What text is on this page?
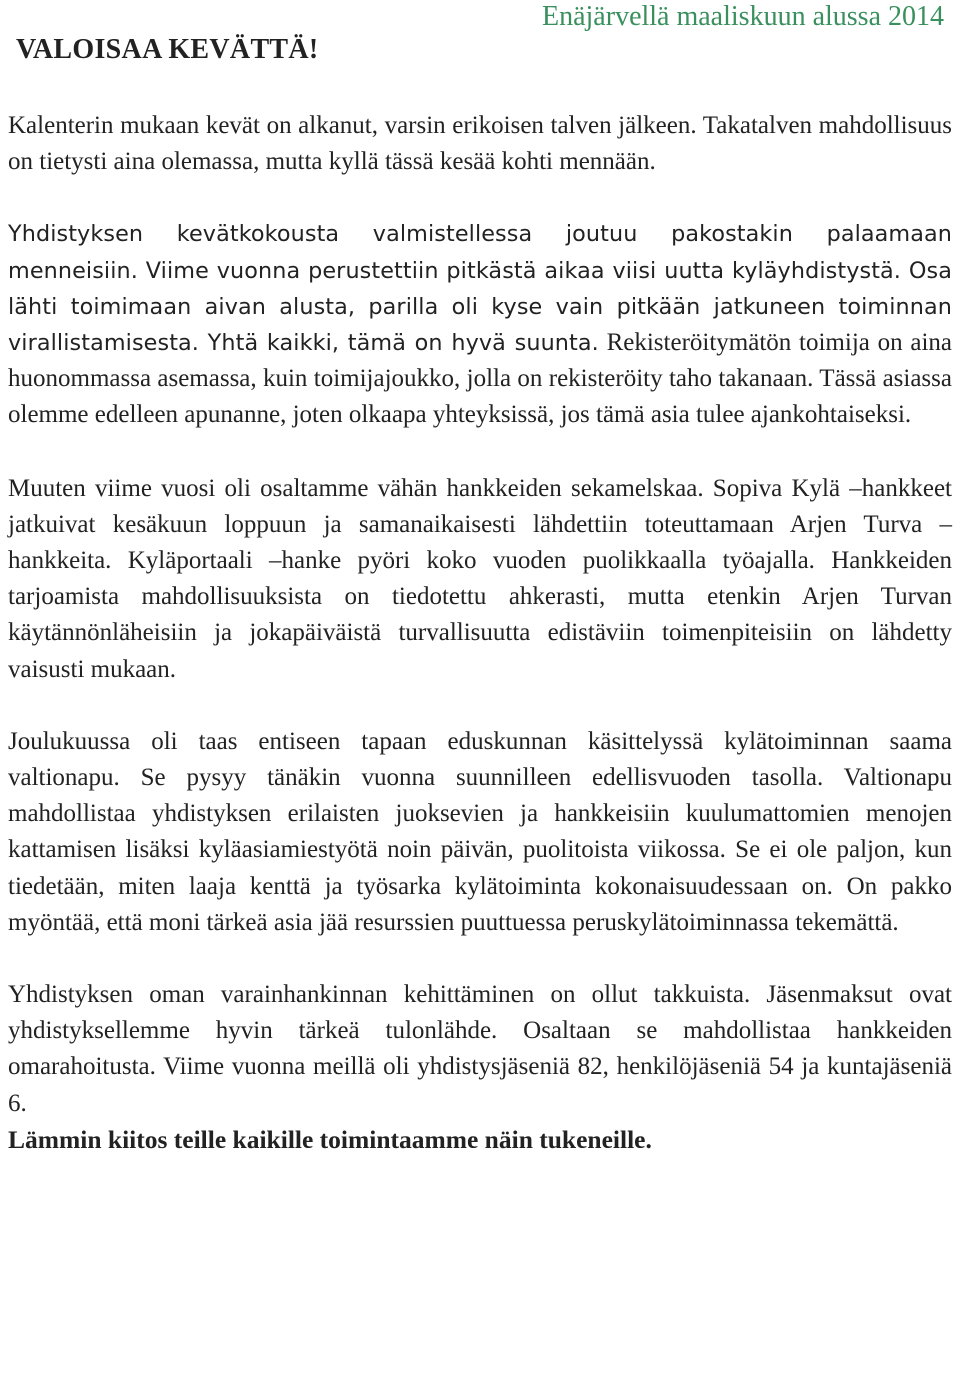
VALOISAA KEVÄTTÄ!
Enäjärvellä maaliskuun alussa 2014

Kalenterin mukaan kevät on alkanut, varsin erikoisen talven jälkeen. Takatalven mahdollisuus on tietysti aina olemassa, mutta kyllä tässä kesää kohti mennään.

Yhdistyksen kevätkokousta valmistellessa joutuu pakostakin palaamaan menneisiin. Viime vuonna perustettiin pitkästä aikaa viisi uutta kyläyhdistystä. Osa lähti toimimaan aivan alusta, parilla oli kyse vain pitkään jatkuneen toiminnan virallistamisesta. Yhtä kaikki, tämä on hyvä suunta. Rekisteröitymätön toimija on aina huonommassa asemassa, kuin toimijajoukko, jolla on rekisteröity taho takanaan. Tässä asiassa olemme edelleen apunanne, joten olkaapa yhteyksissä, jos tämä asia tulee ajankohtaiseksi.

Muuten viime vuosi oli osaltamme vähän hankkeiden sekamelskaa. Sopiva Kylä –hankkeet jatkuivat kesäkuun loppuun ja samanaikaisesti lähdettiin toteuttamaan Arjen Turva –hankkeita. Kyläportaali –hanke pyöri koko vuoden puolikkaalla työajalla. Hankkeiden tarjoamista mahdollisuuksista on tiedotettu ahkerasti, mutta etenkin Arjen Turvan käytännönläheisiin ja jokapäiväistä turvallisuutta edistäviin toimenpiteisiin on lähdetty vaisusti mukaan.

Joulukuussa oli taas entiseen tapaan eduskunnan käsittelyssä kylätoiminnan saama valtionapu. Se pysyy tänäkin vuonna suunnilleen edellisvuoden tasolla. Valtionapu mahdollistaa yhdistyksen erilaisten juoksevien ja hankkeisiin kuulumattomien menojen kattamisen lisäksi kyläasiamiestyötä noin päivän, puolitoista viikossa. Se ei ole paljon, kun tiedetään, miten laaja kenttä ja työsarka kylätoiminta kokonaisuudessaan on. On pakko myöntää, että moni tärkeä asia jää resurssien puuttuessa peruskylätoiminnassa tekemättä.

Yhdistyksen oman varainhankinnan kehittäminen on ollut takkuista. Jäsenmaksut ovat yhdistyksellemme hyvin tärkeä tulonlähde. Osaltaan se mahdollistaa hankkeiden omarahoitusta. Viime vuonna meillä oli yhdistysjäseniä 82, henkilöjäseniä 54 ja kuntajäseniä 6.

Lämmin kiitos teille kaikille toimintaamme näin tukeneille.
